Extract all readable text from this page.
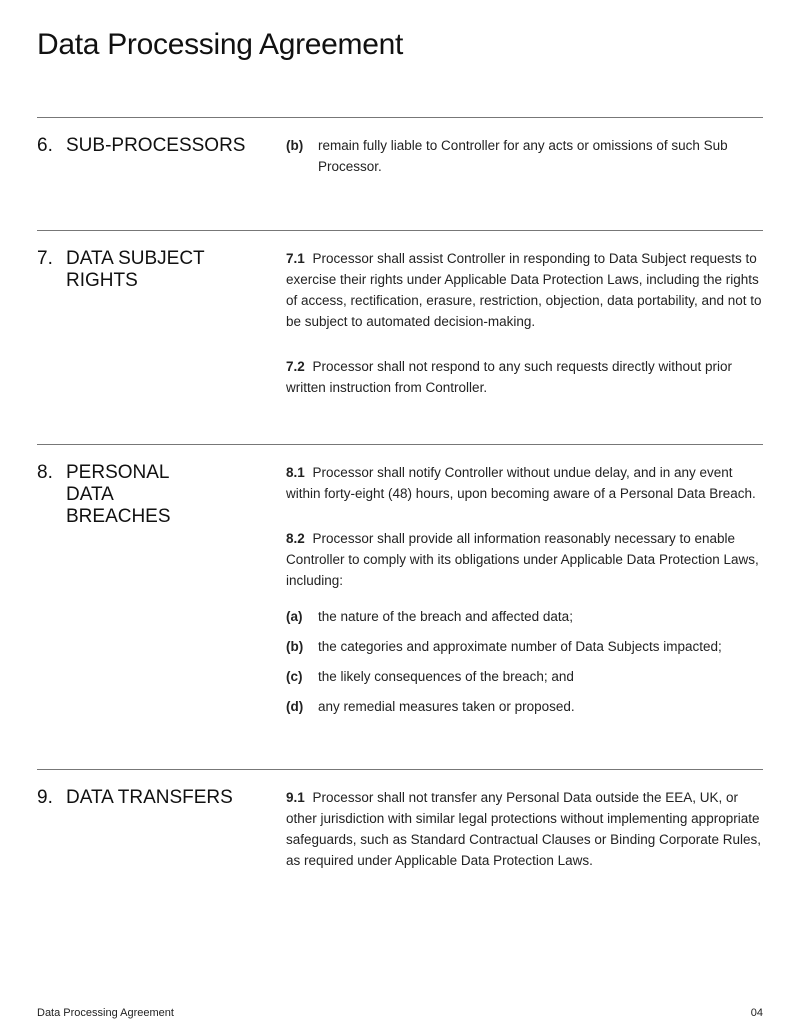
Data Processing Agreement
6. SUB-PROCESSORS	(b)	remain fully liable to Controller for any acts or omissions of such Sub Processor.
7. DATA SUBJECT RIGHTS

7.1 Processor shall assist Controller in responding to Data Subject requests to exercise their rights under Applicable Data Protection Laws, including the rights of access, rectification, erasure, restriction, objection, data portability, and not to be subject to automated decision-making.

7.2 Processor shall not respond to any such requests directly without prior written instruction from Controller.

8. PERSONAL DATA BREACHES

8.1 Processor shall notify Controller without undue delay, and in any event within forty-eight (48) hours, upon becoming aware of a Personal Data Breach.

8.2 Processor shall provide all information reasonably necessary to enable Controller to comply with its obligations under Applicable Data Protection Laws, including:

(a)	the nature of the breach and affected data;
(b)	the categories and approximate number of Data Subjects impacted;
(c)	the likely consequences of the breach; and
(d)	any remedial measures taken or proposed.
9. DATA TRANSFERS	9.1 Processor shall not transfer any Personal Data outside the EEA, UK, or other jurisdiction with similar legal protections without implementing appropriate safeguards, such as Standard Contractual Clauses or Binding Corporate Rules, as required under Applicable Data Protection Laws.

Data Processing Agreement	04
